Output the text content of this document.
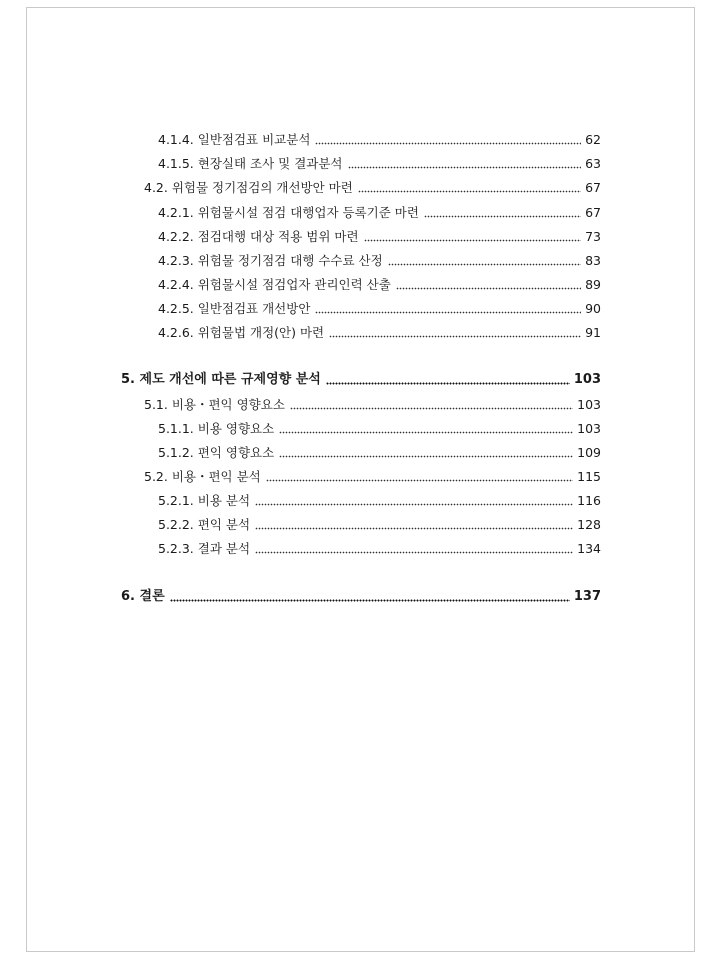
4.1.4. 일반점검표 비교분석	62
4.1.5. 현장실태 조사 및 결과분석	63
4.2. 위험물 정기점검의 개선방안 마련	67
4.2.1. 위험물시설 점검 대행업자 등록기준 마련	67
4.2.2. 점검대행 대상 적용 범위 마련	73
4.2.3. 위험물 정기점검 대행 수수료 산정	83
4.2.4. 위험물시설 점검업자 관리인력 산출	89
4.2.5. 일반점검표 개선방안	90
4.2.6. 위험물법 개정(안) 마련	91
5. 제도 개선에 따른 규제영향 분석	103
5.1. 비용・편익 영향요소	103
5.1.1. 비용 영향요소	103
5.1.2. 편익 영향요소	109
5.2. 비용・편익 분석	115
5.2.1. 비용 분석	116
5.2.2. 편익 분석	128
5.2.3. 결과 분석	134
6. 결론	137
